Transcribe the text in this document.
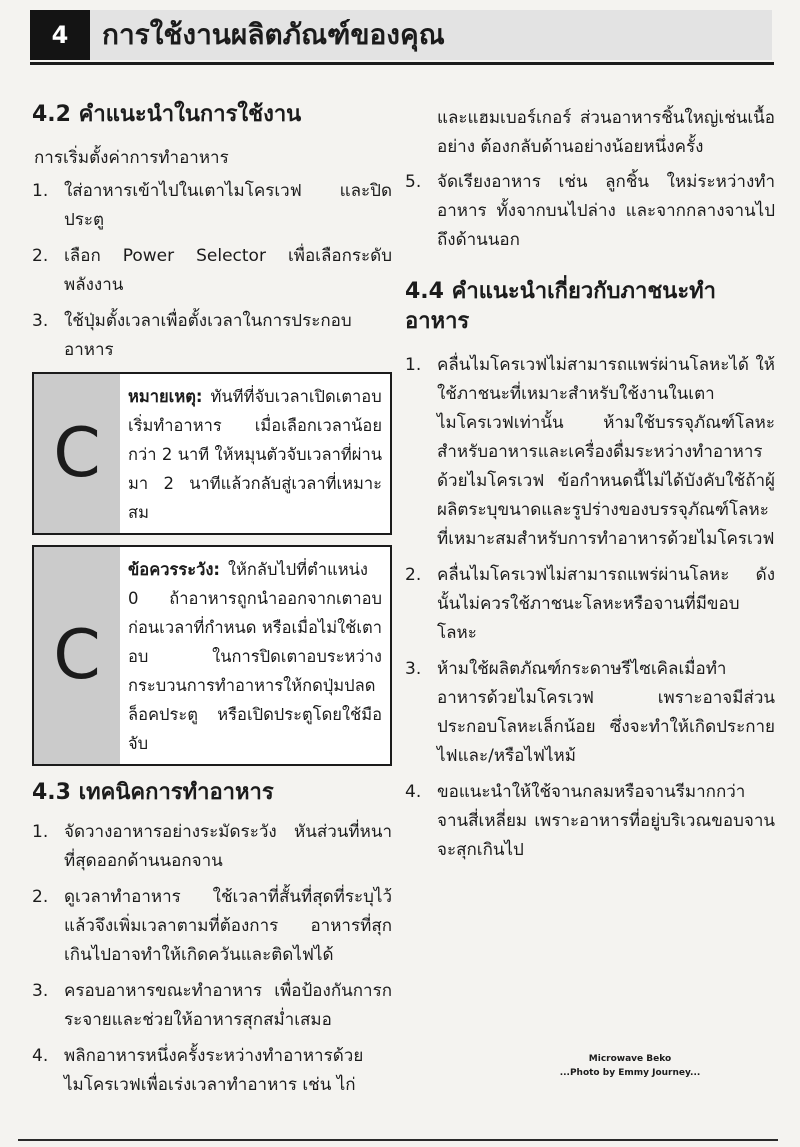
4	การใช้งานผลิตภัณฑ์ของคุณ
4.2 คำแนะนำในการใช้งาน
การเริ่มตั้งค่าการทำอาหาร
1. ใส่อาหารเข้าไปในเตาไมโครเวฟ และปิดประตู
2. เลือก Power Selector เพื่อเลือกระดับพลังงาน
3. ใช้ปุ่มตั้งเวลาเพื่อตั้งเวลาในการประกอบอาหาร
C
หมายเหตุ: ทันทีที่จับเวลาเปิดเตาอบเริ่มทำอาหาร เมื่อเลือกเวลาน้อยกว่า 2 นาที ให้หมุนตัวจับเวลาที่ผ่านมา 2 นาทีแล้วกลับสู่เวลาที่เหมาะสม
C
ข้อควรระวัง: ให้กลับไปที่ตำแหน่ง 0 ถ้าอาหารถูกนำออกจากเตาอบก่อนเวลาที่กำหนด หรือเมื่อไม่ใช้เตาอบ ในการปิดเตาอบระหว่างกระบวนการทำอาหารให้กดปุ่มปลดล็อคประตู หรือเปิดประตูโดยใช้มือจับ
4.3 เทคนิคการทำอาหาร
1. จัดวางอาหารอย่างระมัดระวัง หันส่วนที่หนาที่สุดออกด้านนอกจาน
2. ดูเวลาทำอาหาร ใช้เวลาที่สั้นที่สุดที่ระบุไว้ แล้วจึงเพิ่มเวลาตามที่ต้องการ อาหารที่สุกเกินไปอาจทำให้เกิดควันและติดไฟได้
3. ครอบอาหารขณะทำอาหาร เพื่อป้องกันการกระจายและช่วยให้อาหารสุกสม่ำเสมอ
4. พลิกอาหารหนึ่งครั้งระหว่างทำอาหารด้วยไมโครเวฟเพื่อเร่งเวลาทำอาหาร เช่น ไก่
และแฮมเบอร์เกอร์ ส่วนอาหารชิ้นใหญ่เช่นเนื้ออย่าง ต้องกลับด้านอย่างน้อยหนึ่งครั้ง
5. จัดเรียงอาหาร เช่น ลูกชิ้น ใหม่ระหว่างทำอาหาร ทั้งจากบนไปล่าง และจากกลางจานไปถึงด้านนอก
4.4 คำแนะนำเกี่ยวกับภาชนะทำอาหาร
1. คลื่นไมโครเวฟไม่สามารถแพร่ผ่านโลหะได้ ให้ใช้ภาชนะที่เหมาะสำหรับใช้งานในเตาไมโครเวฟเท่านั้น ห้ามใช้บรรจุภัณฑ์โลหะสำหรับอาหารและเครื่องดื่มระหว่างทำอาหารด้วยไมโครเวฟ ข้อกำหนดนี้ไม่ได้บังคับใช้ถ้าผู้ผลิตระบุขนาดและรูปร่างของบรรจุภัณฑ์โลหะที่เหมาะสมสำหรับการทำอาหารด้วยไมโครเวฟ
2. คลื่นไมโครเวฟไม่สามารถแพร่ผ่านโลหะ ดังนั้นไม่ควรใช้ภาชนะโลหะหรือจานที่มีขอบโลหะ
3. ห้ามใช้ผลิตภัณฑ์กระดาษรีไซเคิลเมื่อทำอาหารด้วยไมโครเวฟ เพราะอาจมีส่วนประกอบโลหะเล็กน้อย ซึ่งจะทำให้เกิดประกายไฟและ/หรือไฟไหม้
4. ขอแนะนำให้ใช้จานกลมหรือจานรีมากกว่าจานสี่เหลี่ยม เพราะอาหารที่อยู่บริเวณขอบจานจะสุกเกินไป
Microwave Beko
...Photo by Emmy Journey...
